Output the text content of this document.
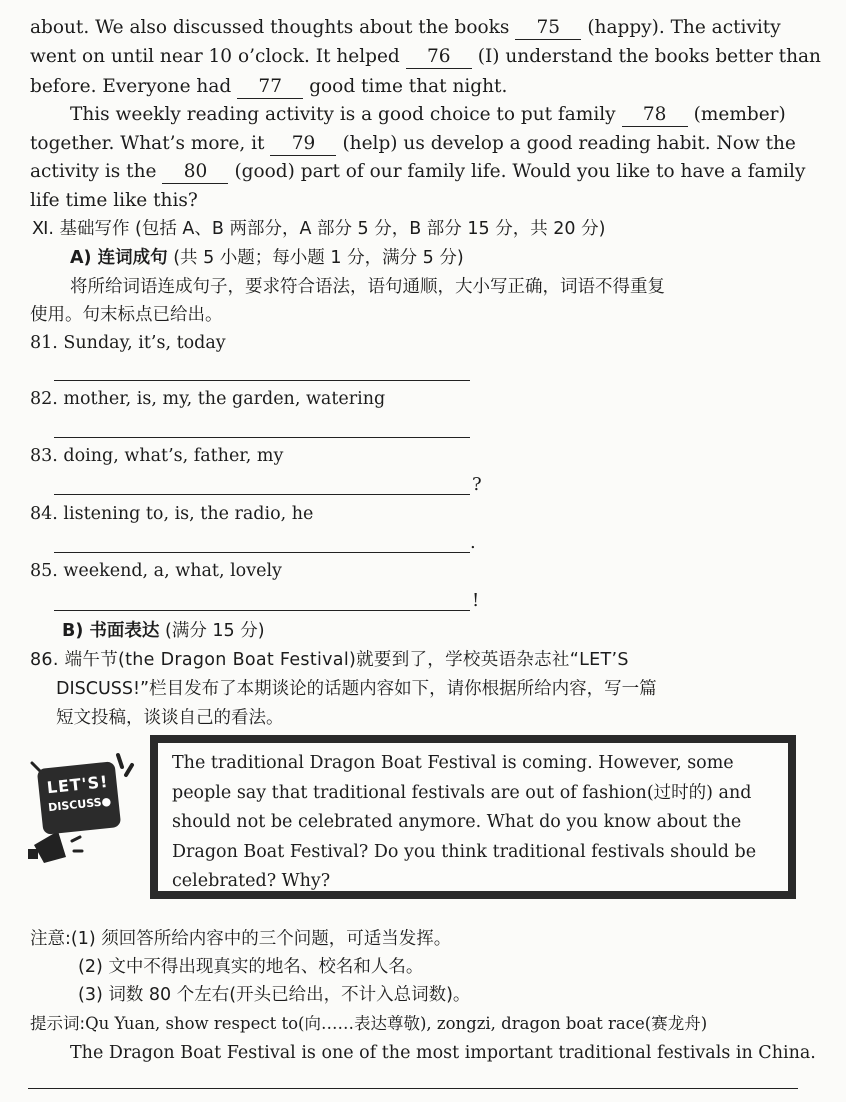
about. We also discussed thoughts about the books 75 (happy). The activity
went on until near 10 o’clock. It helped 76 (I) understand the books better than
before. Everyone had 77 good time that night.
This weekly reading activity is a good choice to put family 78 (member)
together. What’s more, it 79 (help) us develop a good reading habit. Now the
activity is the 80 (good) part of our family life. Would you like to have a family
life time like this?
Ⅺ. 基础写作 (包括 A、B 两部分，A 部分 5 分，B 部分 15 分，共 20 分)
A) 连词成句 (共 5 小题；每小题 1 分，满分 5 分)
将所给词语连成句子，要求符合语法，语句通顺，大小写正确，词语不得重复
使用。句末标点已给出。
81. Sunday, it’s, today
82. mother, is, my, the garden, watering
83. doing, what’s, father, my
?
84. listening to, is, the radio, he
.
85. weekend, a, what, lovely
!
B) 书面表达 (满分 15 分)
86. 端午节(the Dragon Boat Festival)就要到了，学校英语杂志社“LET’S
DISCUSS!”栏目发布了本期谈论的话题内容如下，请你根据所给内容，写一篇
短文投稿，谈谈自己的看法。
LET'S!
DISCUSS●
The traditional Dragon Boat Festival is coming. However, some
people say that traditional festivals are out of fashion(过时的) and
should not be celebrated anymore. What do you know about the
Dragon Boat Festival? Do you think traditional festivals should be
celebrated? Why?
注意:(1) 须回答所给内容中的三个问题，可适当发挥。
(2) 文中不得出现真实的地名、校名和人名。
(3) 词数 80 个左右(开头已给出，不计入总词数)。
提示词:Qu Yuan, show respect to(向……表达尊敬), zongzi, dragon boat race(赛龙舟)
The Dragon Boat Festival is one of the most important traditional festivals in China.
